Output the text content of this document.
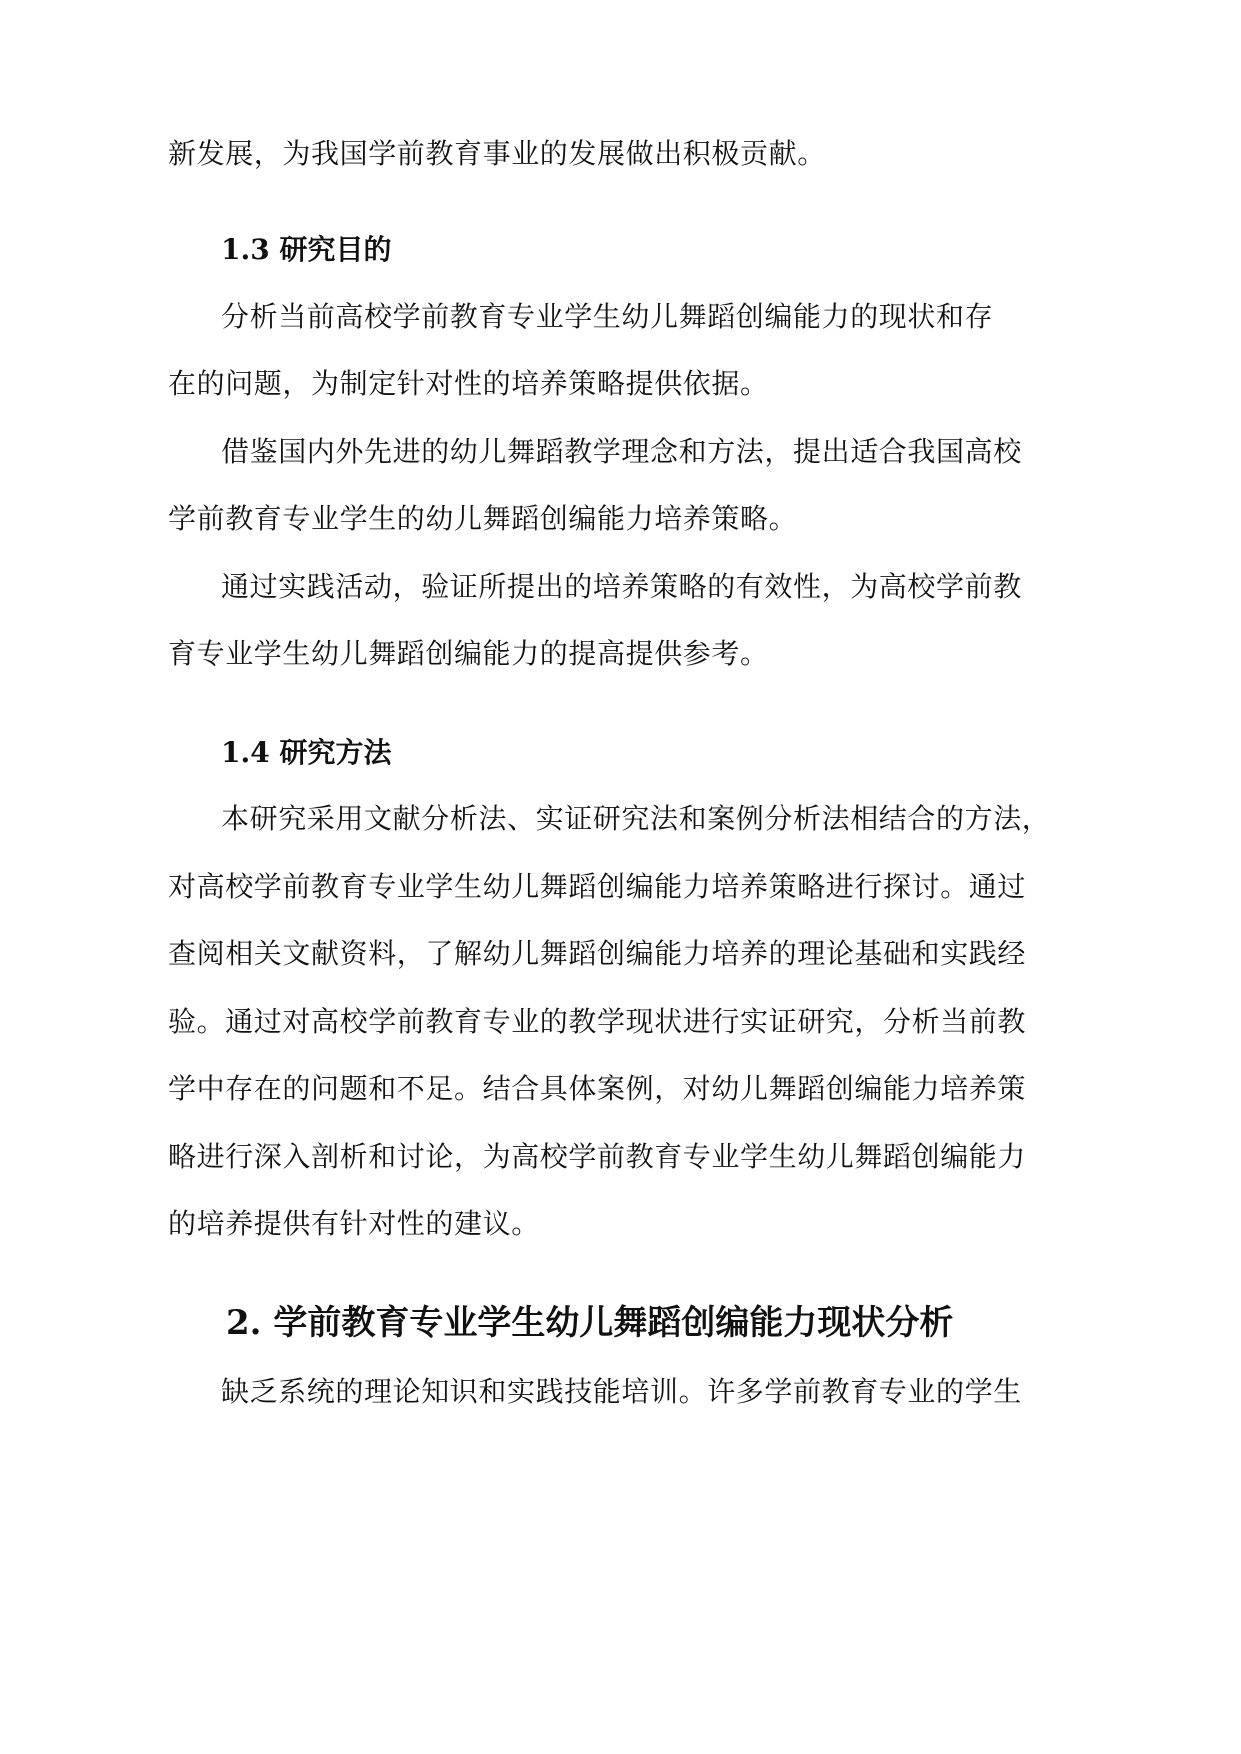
新发展，为我国学前教育事业的发展做出积极贡献。
1.3 研究目的
分析当前高校学前教育专业学生幼儿舞蹈创编能力的现状和存
在的问题，为制定针对性的培养策略提供依据。
借鉴国内外先进的幼儿舞蹈教学理念和方法，提出适合我国高校
学前教育专业学生的幼儿舞蹈创编能力培养策略。
通过实践活动，验证所提出的培养策略的有效性，为高校学前教
育专业学生幼儿舞蹈创编能力的提高提供参考。
1.4 研究方法
本研究采用文献分析法、实证研究法和案例分析法相结合的方法，
对高校学前教育专业学生幼儿舞蹈创编能力培养策略进行探讨。通过
查阅相关文献资料，了解幼儿舞蹈创编能力培养的理论基础和实践经
验。通过对高校学前教育专业的教学现状进行实证研究，分析当前教
学中存在的问题和不足。结合具体案例，对幼儿舞蹈创编能力培养策
略进行深入剖析和讨论，为高校学前教育专业学生幼儿舞蹈创编能力
的培养提供有针对性的建议。
2. 学前教育专业学生幼儿舞蹈创编能力现状分析
缺乏系统的理论知识和实践技能培训。许多学前教育专业的学生
